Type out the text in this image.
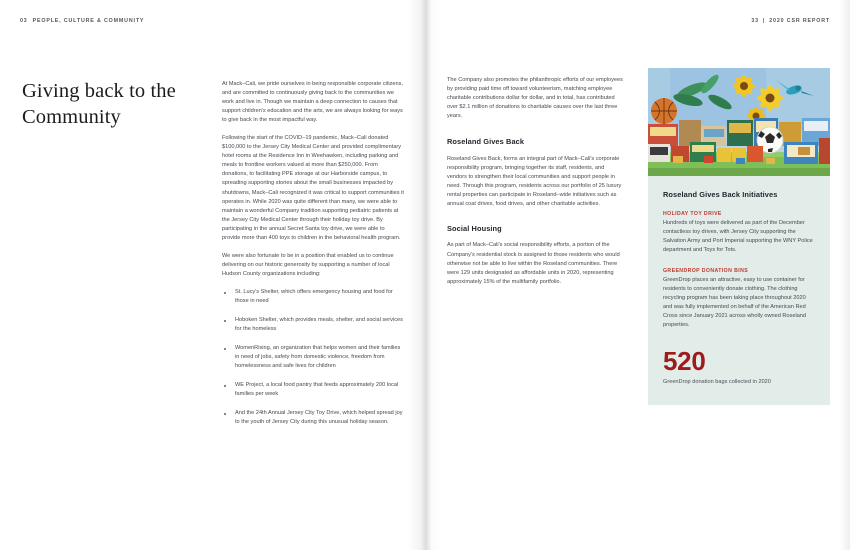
03 PEOPLE, CULTURE & COMMUNITY	33 | 2020 CSR REPORT
Giving back to the Community

At Mack–Cali, we pride ourselves in being responsible corporate citizens, and are committed to continuously giving back to the communities we work and live in. Though we maintain a deep connection to causes that support children's education and the arts, we are always looking for ways to give back in the most impactful way.

Following the start of the COVID–19 pandemic, Mack–Cali donated $100,000 to the Jersey City Medical Center and provided complimentary hotel rooms at the Residence Inn in Weehawken, including parking and meals to frontline workers valued at more than $250,000. From donations, to facilitating PPE storage at our Harborside campus, to spreading supporting stories about the small businesses impacted by shutdowns, Mack–Cali recognized it was critical to support communities it operates in. While 2020 was quite different than many, we were able to maintain a wonderful Company tradition supporting pediatric patients at the Jersey City Medical Center through their holiday toy drive. By participating in the annual Secret Santa toy drive, we were able to provide more than 400 toys to children in the behavioral health program.

We were also fortunate to be in a position that enabled us to continue delivering on our historic generosity by supporting a number of local Hudson County organizations including:

St. Lucy's Shelter, which offers emergency housing and food for those in need
Hoboken Shelter, which provides meals, shelter, and social services for the homeless
WomenRising, an organization that helps women and their families in need of jobs, safety from domestic violence, freedom from homelessness and safe lives for children
WE Project, a local food pantry that feeds approximately 200 local families per week
And the 24th Annual Jersey City Toy Drive, which helped spread joy to the youth of Jersey City during this unusual holiday season.

The Company also promotes the philanthropic efforts of our employees by providing paid time off toward volunteerism, matching employee charitable contributions dollar for dollar, and in total, has contributed over $2.1 million of donations to charitable causes over the last three years.

Roseland Gives Back

Roseland Gives Back, forms an integral part of Mack–Cali's corporate responsibility program, bringing together its staff, residents, and vendors to strengthen their local communities and support people in need. Through this program, residents across our portfolio of 25 luxury rental properties can participate in Roseland–wide initiatives such as annual coat drives, food drives, and other charitable activities.

Social Housing

As part of Mack–Cali's social responsibility efforts, a portion of the Company's residential stock is assigned to those residents who would otherwise not be able to live within the Roseland communities. There were 129 units designated as affordable units in 2020, representing approximately 15% of the multifamily portfolio.

Roseland Gives Back Initiatives

HOLIDAY TOY DRIVE

Hundreds of toys were delivered as part of the December contactless toy drives, with Jersey City supporting the Salvation Army and Port Imperial supporting the WNY Police department and Toys for Tots.

GREENDROP DONATION BINS

GreenDrop places an attractive, easy to use container for residents to conveniently donate clothing. The clothing recycling program has been taking place throughout 2020 and was fully implemented on behalf of the American Red Cross since January 2021 across wholly owned Roseland properties.

520

GreenDrop donation bags collected in 2020
